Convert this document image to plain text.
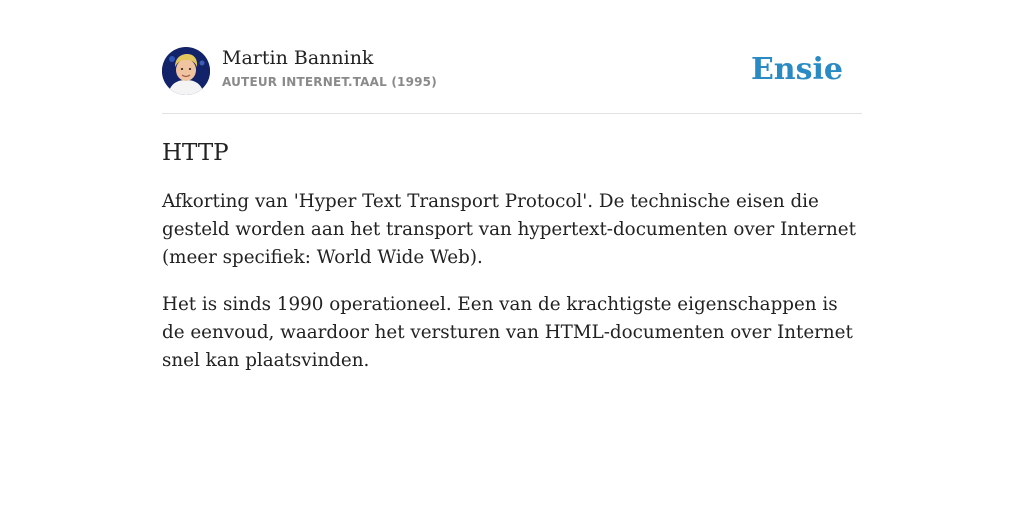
Martin Bannink
AUTEUR INTERNET.TAAL (1995)	Ensie
HTTP

Afkorting van 'Hyper Text Transport Protocol'. De technische eisen die gesteld worden aan het transport van hypertext-documenten over Internet (meer specifiek: World Wide Web).

Het is sinds 1990 operationeel. Een van de krachtigste eigenschappen is de eenvoud, waardoor het versturen van HTML-documenten over Internet snel kan plaatsvinden.
